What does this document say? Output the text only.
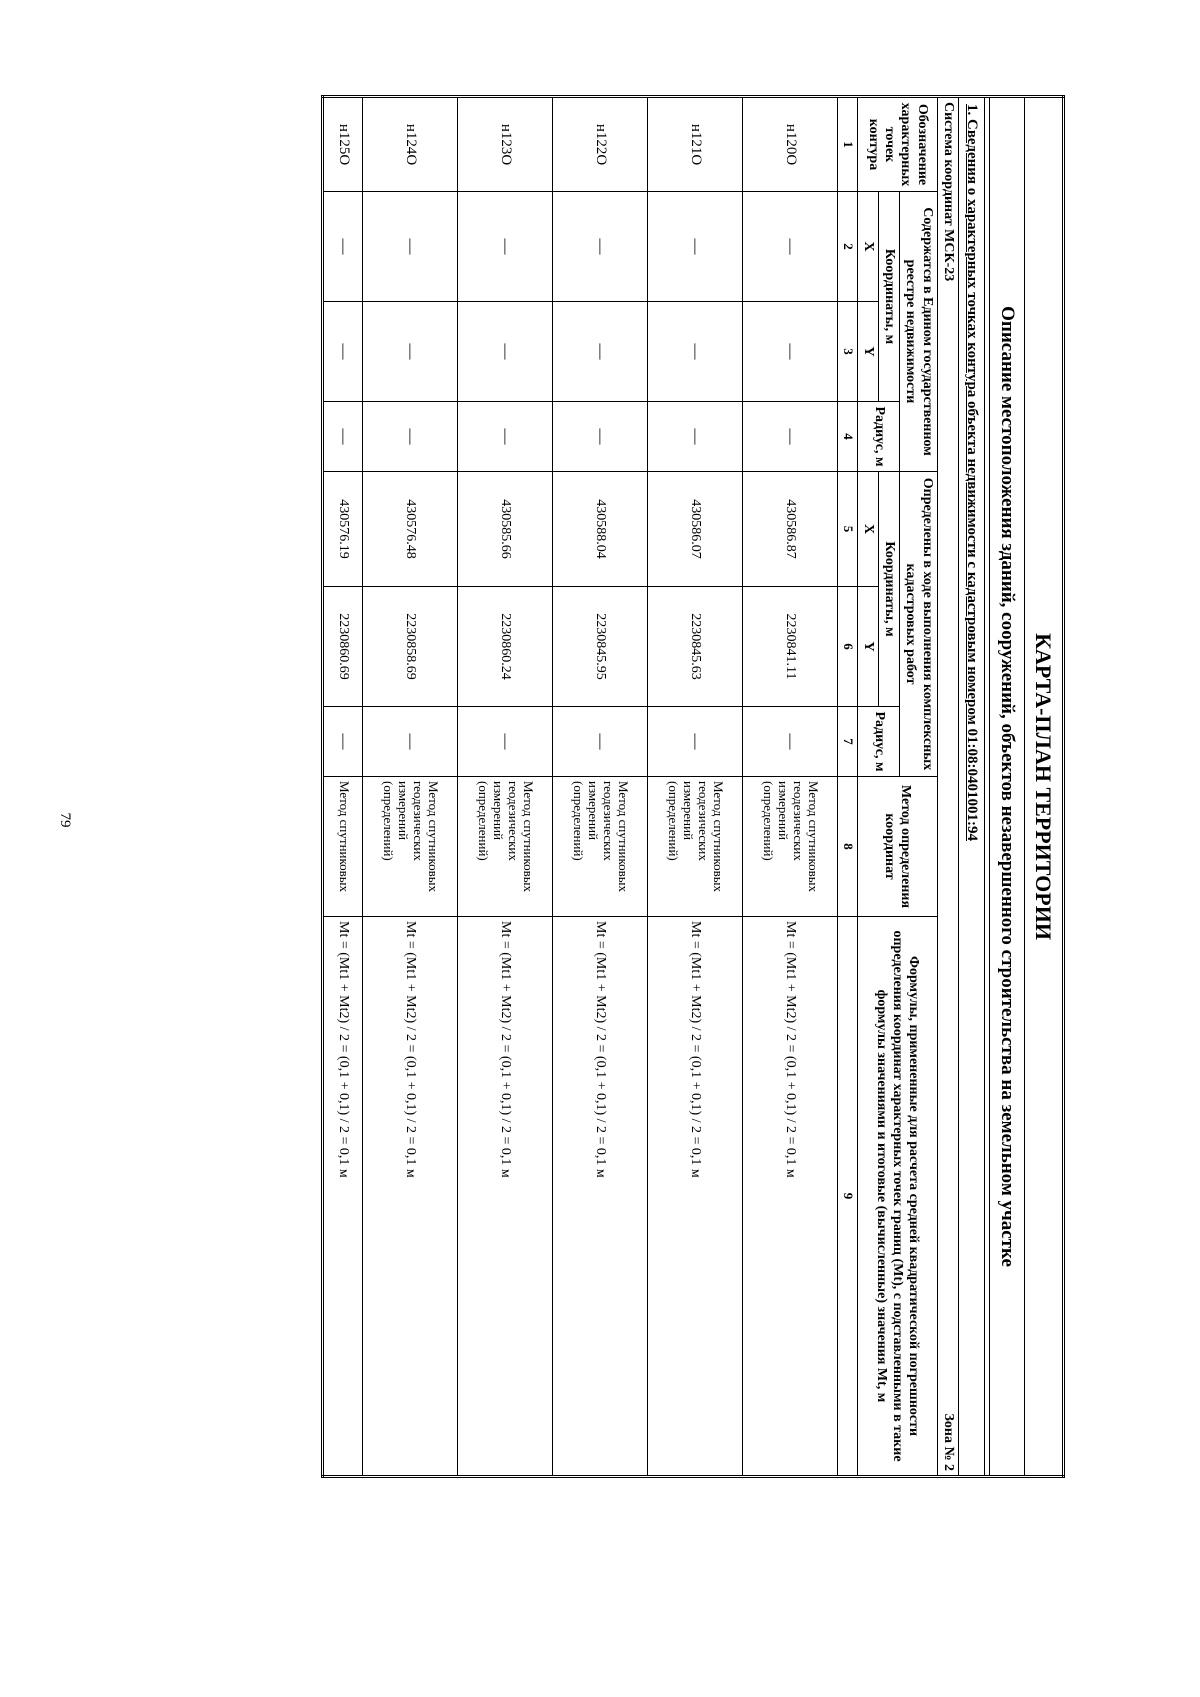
79	КАРТА-ПЛАН ТЕРРИТОРИИ								
Описание местоположения зданий, сооружений, объектов незавершенного строительства на земельном участке								

1. Сведения о характерных точках контура объекта недвижимости с кадастровым номером 01:08:0401001:94								
Система координат МСК-23				Зона № 2				
Обозначение характерных точек контура	Содержатся в Едином государственном реестре недвижимости			Определены в ходе выполнения комплексных кадастровых работ			Метод определения координат	Формулы, примененные для расчета средней квадратической погрешности определения координат характерных точек границ (Mt), с подставленными в такие формулы значениями и итоговые (вычисленные) значения Mt, м
	Координаты, м		Радиус, м	Координаты, м		Радиус, м		
	X	Y		X	Y			
1	2	3	4	5	6	7	8	9
н120О	—	—	—	430586.87	2230841.11	—	Метод спутниковых геодезических измерений (определений)	Mt = (Mt1 + Mt2) / 2 = (0,1 + 0,1) / 2 = 0,1 м
н121О	—	—	—	430586.07	2230845.63	—	Метод спутниковых геодезических измерений (определений)	Mt = (Mt1 + Mt2) / 2 = (0,1 + 0,1) / 2 = 0,1 м
н122О	—	—	—	430588.04	2230845.95	—	Метод спутниковых геодезических измерений (определений)	Mt = (Mt1 + Mt2) / 2 = (0,1 + 0,1) / 2 = 0,1 м
н123О	—	—	—	430585.66	2230860.24	—	Метод спутниковых геодезических измерений (определений)	Mt = (Mt1 + Mt2) / 2 = (0,1 + 0,1) / 2 = 0,1 м
н124О	—	—	—	430576.48	2230858.69	—	Метод спутниковых геодезических измерений (определений)	Mt = (Mt1 + Mt2) / 2 = (0,1 + 0,1) / 2 = 0,1 м
н125О	—	—	—	430576.19	2230860.69	—	Метод спутниковых	Mt = (Mt1 + Mt2) / 2 = (0,1 + 0,1) / 2 = 0,1 м
